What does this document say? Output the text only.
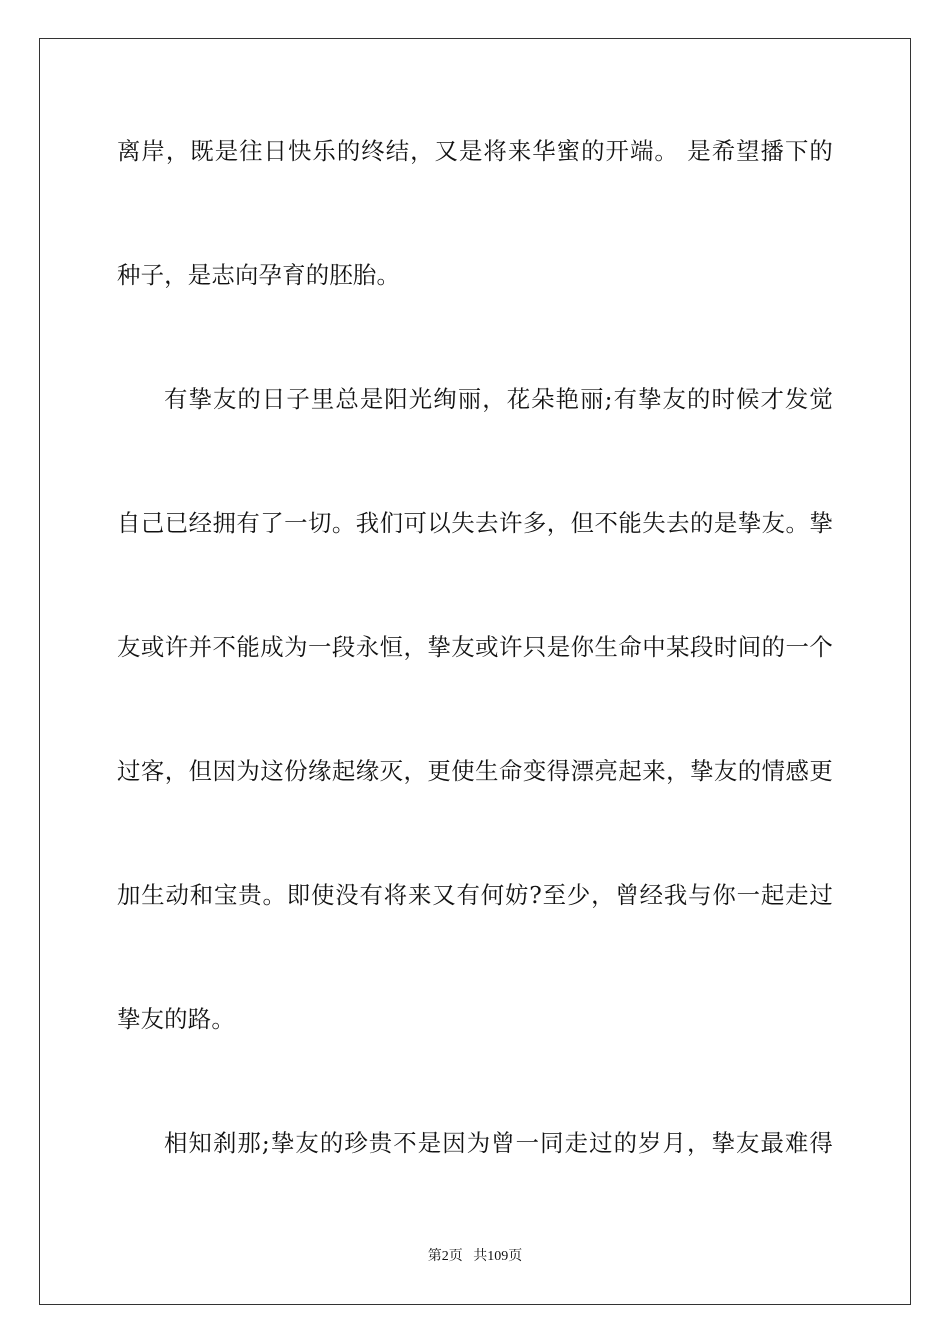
离岸，既是往日快乐的终结，又是将来华蜜的开端。 是希望播下的
种子，是志向孕育的胚胎。
有挚友的日子里总是阳光绚丽，花朵艳丽;有挚友的时候才发觉
自己已经拥有了一切。我们可以失去许多，但不能失去的是挚友。挚
友或许并不能成为一段永恒，挚友或许只是你生命中某段时间的一个
过客，但因为这份缘起缘灭，更使生命变得漂亮起来，挚友的情感更
加生动和宝贵。即使没有将来又有何妨?至少，曾经我与你一起走过
挚友的路。
相知刹那;挚友的珍贵不是因为曾一同走过的岁月，挚友最难得
第2页 共109页
